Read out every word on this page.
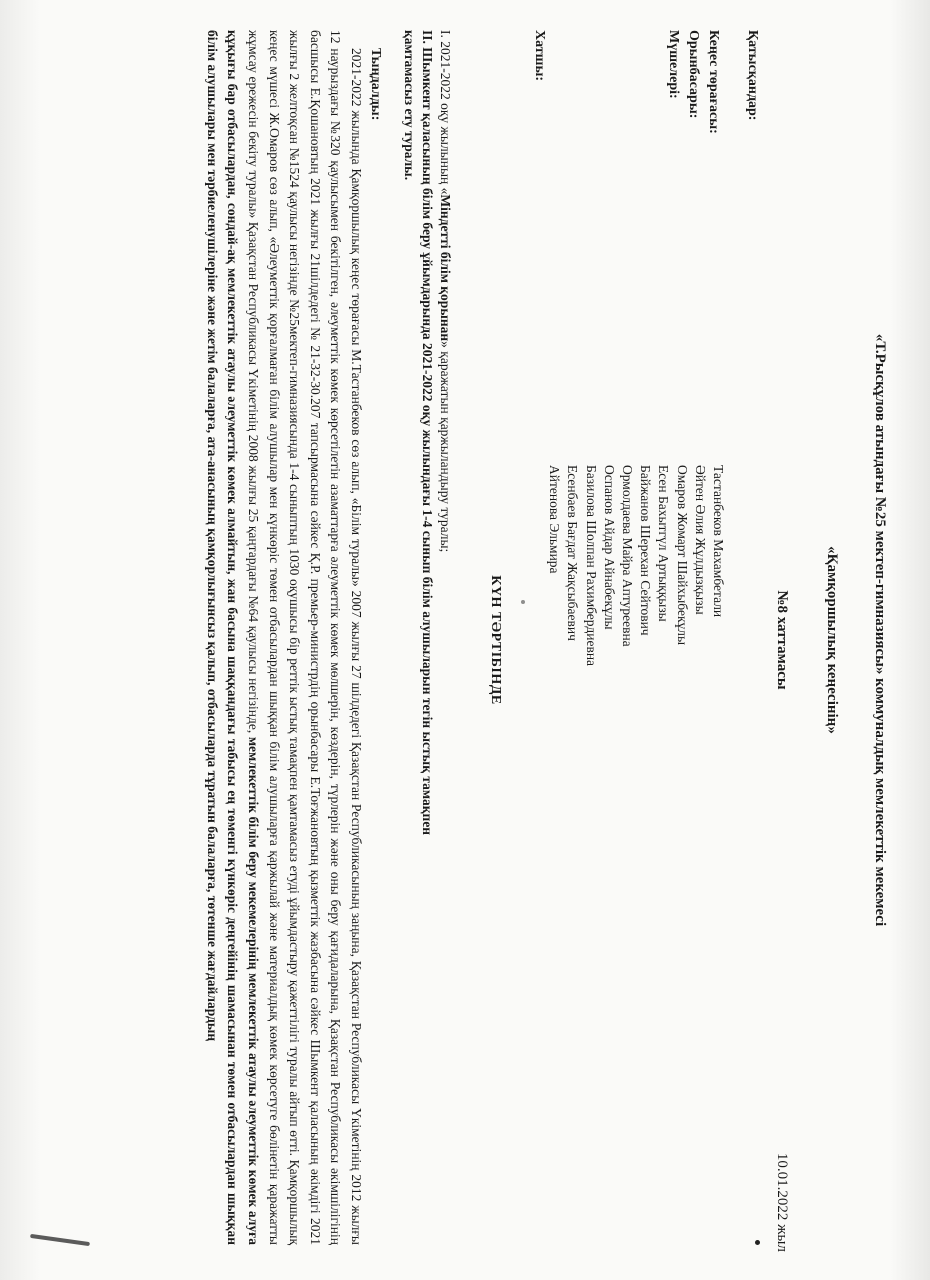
«Т.Рысқұлов атындағы №25 мектеп-гимназиясы» коммуналдық мемлекеттік мекемесі
«Қамқоршылық кеңесінің»
№8 хаттамасы
10.01.2022 жыл
Қатысқандар:
Кеңес төрағасы:
Орынбасары:
Мүшелері:
Тастанбеков Махамбетали
Әйтен Әлия Жұлдызқызы
Омаров Жомарт Шайхыбекұлы
Есен Бахытгүл Артыққызы
Байжанов Шерехан Сейтович
Ормолдаева Майра Аптуреевна
Оспанов Айдар Айнабекұлы
Базилова Шолпан Рахимбердиевна
Есенбаев Бағдат Жақсыбаевич
Айтенова Эльмира
Хатшы:
КҮН ТӘРТІБІНДЕ
I. 2021-2022 оқу жылының «Міндетті білім қорынан» қаражатын қаржыландыру туралы;
II. Шымкент қаласының білім беру ұйымдарында 2021-2022 оқу жылындағы 1-4 сынып білім алушыларын тегін ыстық тамақпен
қамтамасыз ету туралы.
Тыңдалды:
2021-2022 жылында Қамқоршылық кеңес төрағасы М.Тастанбеков сөз алып, «Білім туралы» 2007 жылғы 27 шілдедегі Қазақстан Республикасының заңына, Қазақстан Республикасы Үкіметінің 2012 жылғы 12 наурыздағы №320 қаулысымен бекітілген, әлеуметтік көмек көрсетілетін азаматтарға әлеуметтік көмек мөлшерін, көздерін, түрлерін және оны беру қағидаларына, Қазақстан Республикасы әкімшілігінің басшысы Е.Қошановтың 2021 жылғы 21шілдедегі № 21-32-30.207 тапсырмасына сәйкес Қ.Р. премьер-министрдің орынбасары Е.Тоғжановтың қызметтік жазбасына сәйкес Шымкент қаласының әкімдігі 2021 жылғы 2 желтоқсан №1524 қаулысы негізінде №25мектеп-гимназиясында 1-4 сыныптың 1030 оқушысы бір реттік ыстық тамақпен қамтамасыз етуді ұйымдастыру қажеттілігі туралы айтып өтті. Қамқоршылық кеңес мүшесі Ж.Омаров сөз алып, «Әлеуметтік қорғалмаған білім алушылар мен күнкөріс төмен отбасылардан шыққан білім алушыларға қаржылай және материалдық көмек көрсетуге бөлінетін қаражатты жұмсау ережесін бекіту туралы» Қазақстан Республикасы Үкіметінің 2008 жылғы 25 қаңтардағы №64 қаулысы негізінде, мемлекеттік білім беру мекемелерінің мемлекеттік атаулы әлеуметтік көмек алуға құқығы бар отбасылардан, сондай-ақ мемлекеттік атаулы әлеуметтік көмек алмайтын, жан басына шаққандағы табысы ең төменгі күнкөріс деңгейінің шамасынан төмен отбасылардан шыққан білім алушылары мен тәрбиеленушілеріне және жетім балаларға, ата-анасының қамқорлығынсыз қалып, отбасыларда тұратын балаларға, төтенше жағдайлардың
